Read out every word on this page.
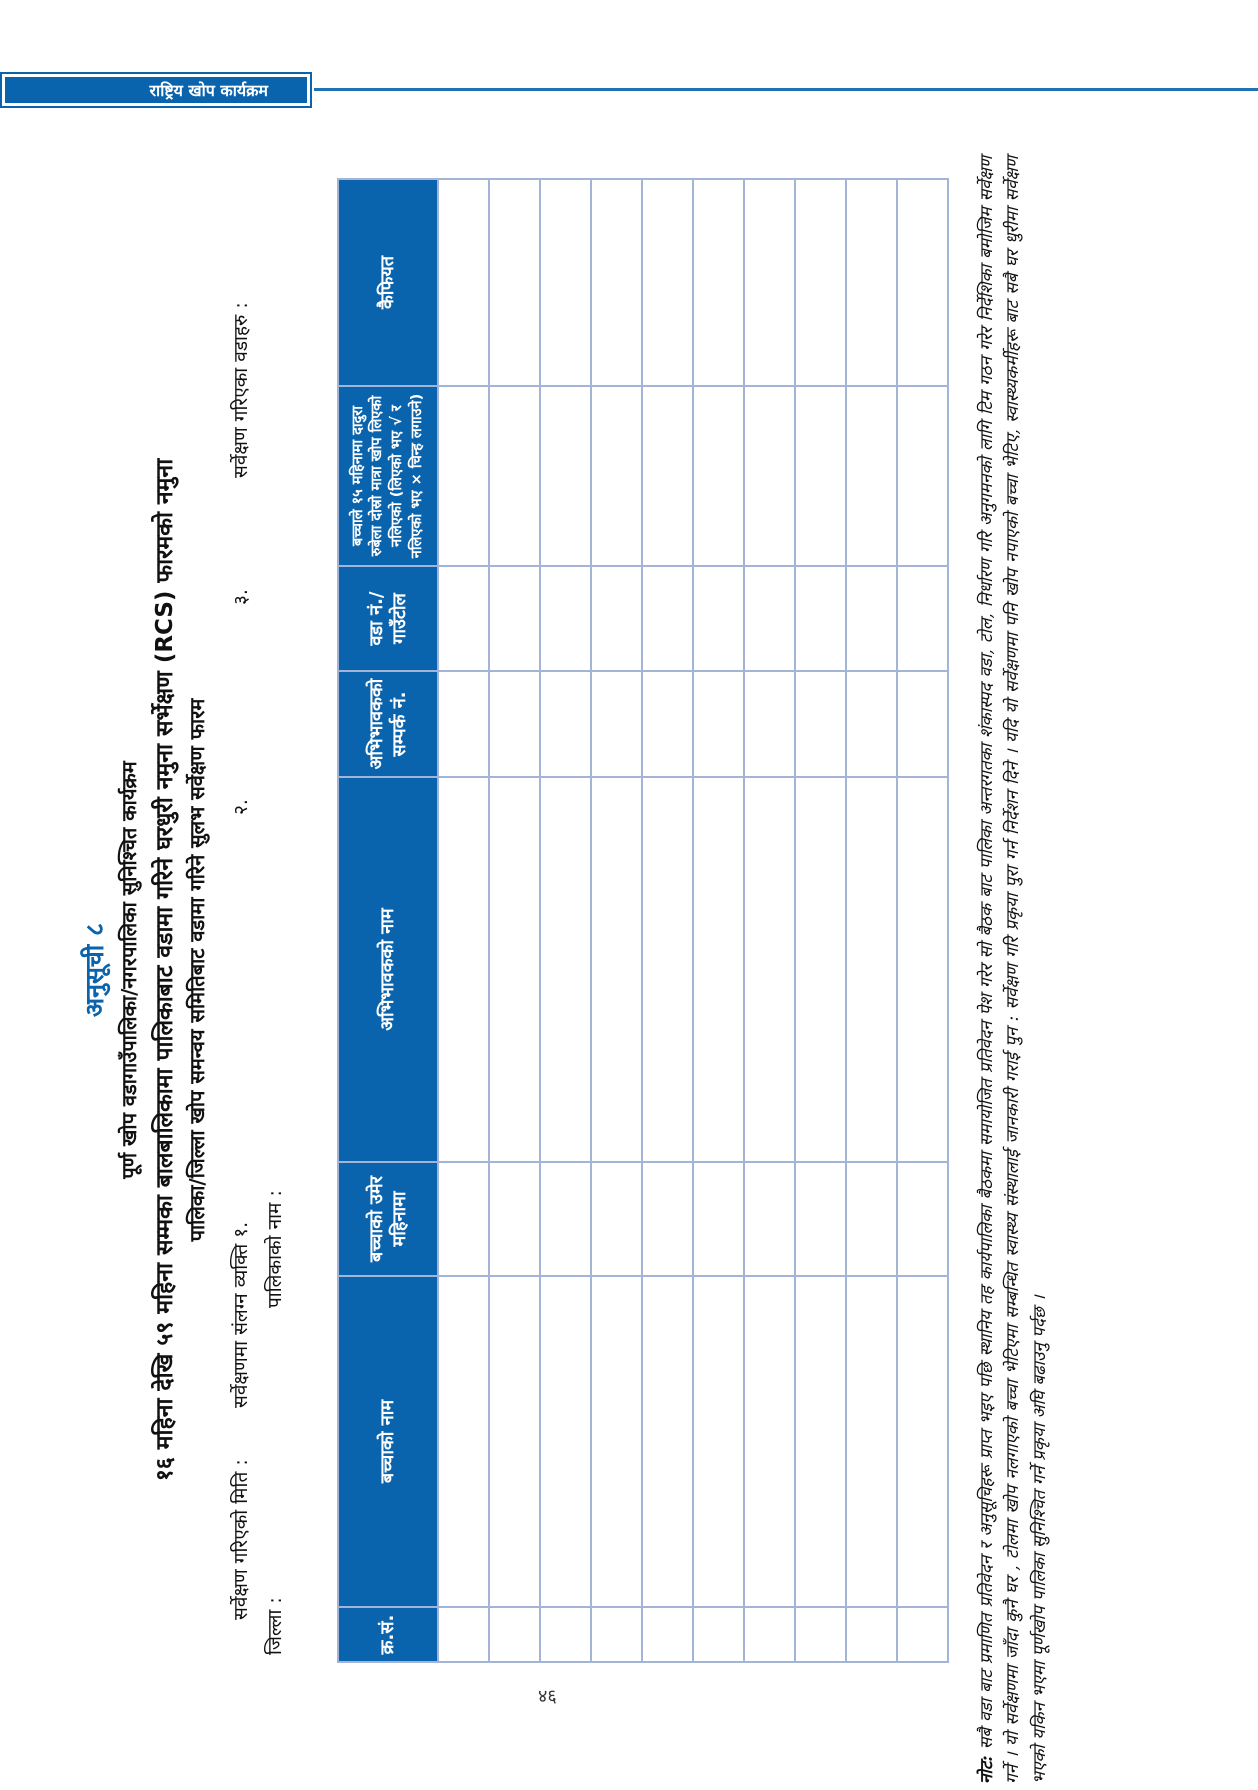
राष्ट्रिय खोप कार्यक्रम
अनुसूची ८ पूर्ण खोप वडागाउँपालिका/नगरपालिका सुनिश्चित कार्यक्रम १६ महिना देखि ५९ महिना सम्मका बालबालिकामा पालिकाबाट वडामा गरिने घरधुरी नमुना सर्भेक्षण (RCS) फारमको नमुना पालिका/जिल्ला खोप समन्वय समितिबाट वडामा गरिने सुलभ सर्वेक्षण फारम
सर्वेक्षण गरिएको मिति :
सर्वेक्षणमा संलग्न व्यक्ति १.
२.
३.
सर्वेक्षण गरिएका वडाहरु :
जिल्ला :
पालिकाको नाम :
क्र.सं.	बच्चाको नाम	बच्चाको उमेर महिनामा	अभिभावकको नाम	अभिभावकको सम्पर्क नं.	वडा नं./गाउँटोल	बच्चाले १५ महिनामा दादुरा रुबेला दोस्रो मात्रा खोप लिएको नलिएको (लिएको भए √ र नलिएको भए × चिन्ह लगाउने)	कैफियत

नोट: सबै वडा बाट प्रमाणित प्रतिवेदन र अनुसूचिहरू प्राप्त भइए पछि स्थानिय तह कार्यपालिका बैठकमा समायोजित प्रतिवेदन पेश गरेर सो बैठक बाट पालिका अन्तरगतका शंकास्पद वडा, टोल, निर्धारण गरि अनुगमनको लागि टिम गठन गरेर निर्देशिका बमोजिम सर्वेक्षण गर्ने । यो सर्वेक्षणमा जाँदा कुनै घर , टोलमा खोप नलगाएको बच्चा भेटिएमा सम्बन्धित स्वास्थ्य संस्थालाई जानकारी गराई पुन : सर्वेक्षण गरि प्रकृया पुरा गर्न निर्देशन दिने । यदि यो सर्वेक्षणमा पनि खोप नपाएको बच्चा भेटिए, स्वास्थ्यकर्मीहरू बाट सबै घर धुरीमा सर्वेक्षण भएको यकिन भएमा पूर्णखोप पालिका सुनिश्चित गर्ने प्रकृया अघि बढाउनु पर्दछ ।

४६
